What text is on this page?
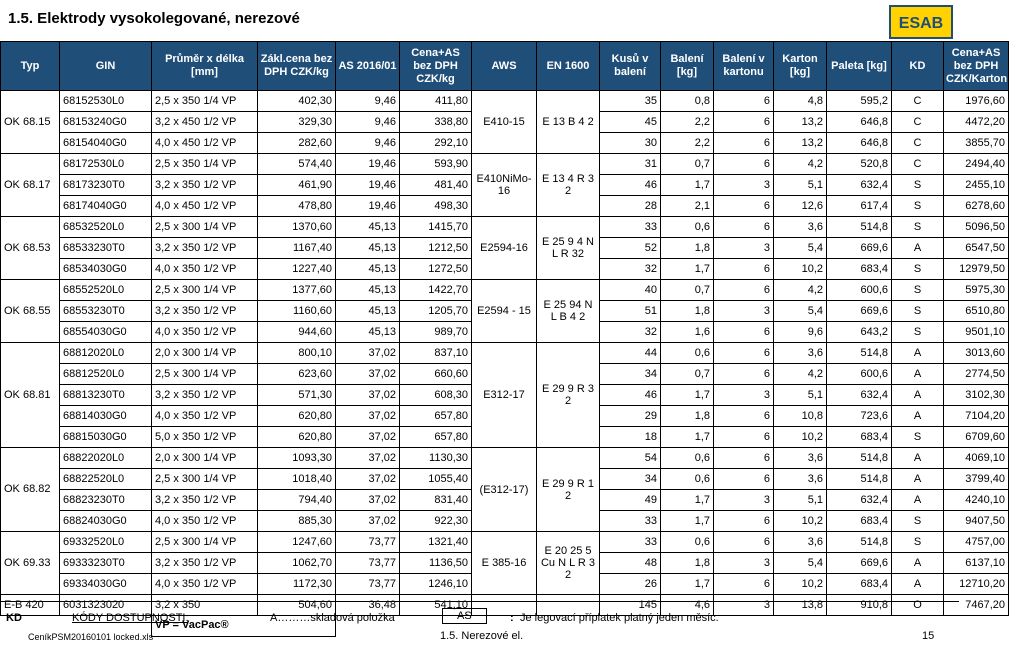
1.5. Elektrody vysokolegované, nerezové	ESAB
Typ	GIN	Průměr x délka [mm]	Zákl.cena bez DPH CZK/kg	AS 2016/01	Cena+AS bez DPH CZK/kg	AWS	EN 1600	Kusů v balení	Balení [kg]	Balení v kartonu	Karton [kg]	Paleta [kg]	KD	Cena+AS bez DPH CZK/Karton
OK 68.15	68152530L0	2,5 x 350 1/4 VP	402,30	9,46	411,80	E410-15	E 13 B 4 2	35	0,8	6	4,8	595,2	C	1976,60
	68153240G0	3,2 x 450 1/2 VP	329,30	9,46	338,80			45	2,2	6	13,2	646,8	C	4472,20
	68154040G0	4,0 x 450 1/2 VP	282,60	9,46	292,10			30	2,2	6	13,2	646,8	C	3855,70
OK 68.17	68172530L0	2,5 x 350 1/4 VP	574,40	19,46	593,90	E410NiMo-16	E 13 4 R 3 2	31	0,7	6	4,2	520,8	C	2494,40
	68173230T0	3,2 x 350 1/2 VP	461,90	19,46	481,40			46	1,7	3	5,1	632,4	S	2455,10
	68174040G0	4,0 x 450 1/2 VP	478,80	19,46	498,30			28	2,1	6	12,6	617,4	S	6278,60
OK 68.53	68532520L0	2,5 x 300 1/4 VP	1370,60	45,13	1415,70	E2594-16	E 25 9 4 N L R 32	33	0,6	6	3,6	514,8	S	5096,50
	68533230T0	3,2 x 350 1/2 VP	1167,40	45,13	1212,50			52	1,8	3	5,4	669,6	A	6547,50
	68534030G0	4,0 x 350 1/2 VP	1227,40	45,13	1272,50			32	1,7	6	10,2	683,4	S	12979,50
OK 68.55	68552520L0	2,5 x 300 1/4 VP	1377,60	45,13	1422,70	E2594 - 15	E 25 94 N L B 4 2	40	0,7	6	4,2	600,6	S	5975,30
	68553230T0	3,2 x 350 1/2 VP	1160,60	45,13	1205,70			51	1,8	3	5,4	669,6	S	6510,80
	68554030G0	4,0 x 350 1/2 VP	944,60	45,13	989,70			32	1,6	6	9,6	643,2	S	9501,10
OK 68.81	68812020L0	2,0 x 300 1/4 VP	800,10	37,02	837,10	E312-17	E 29 9 R 3 2	44	0,6	6	3,6	514,8	A	3013,60
	68812520L0	2,5 x 300 1/4 VP	623,60	37,02	660,60			34	0,7	6	4,2	600,6	A	2774,50
	68813230T0	3,2 x 350 1/2 VP	571,30	37,02	608,30			46	1,7	3	5,1	632,4	A	3102,30
	68814030G0	4,0 x 350 1/2 VP	620,80	37,02	657,80			29	1,8	6	10,8	723,6	A	7104,20
	68815030G0	5,0 x 350 1/2 VP	620,80	37,02	657,80			18	1,7	6	10,2	683,4	S	6709,60
OK 68.82	68822020L0	2,0 x 300 1/4 VP	1093,30	37,02	1130,30	(E312-17)	E 29 9 R 1 2	54	0,6	6	3,6	514,8	A	4069,10
	68822520L0	2,5 x 300 1/4 VP	1018,40	37,02	1055,40			34	0,6	6	3,6	514,8	A	3799,40
	68823230T0	3,2 x 350 1/2 VP	794,40	37,02	831,40			49	1,7	3	5,1	632,4	A	4240,10
	68824030G0	4,0 x 350 1/2 VP	885,30	37,02	922,30			33	1,7	6	10,2	683,4	S	9407,50
OK 69.33	69332520L0	2,5 x 300 1/4 VP	1247,60	73,77	1321,40	E 385-16	E 20 25 5 Cu N L R 3 2	33	0,6	6	3,6	514,8	S	4757,00
	69333230T0	3,2 x 350 1/2 VP	1062,70	73,77	1136,50			48	1,8	3	5,4	669,6	A	6137,10
	69334030G0	4,0 x 350 1/2 VP	1172,30	73,77	1246,10			26	1,7	6	10,2	683,4	A	12710,20
E-B 420	6031323020	3,2 x 350	504,60	36,48	541,10			145	4,6	3	13,8	910,8	O	7467,20
		VP = VacPac®												
KD	KÓDY DOSTUPNOSTI:	A………skladová položka	AS	: Je legovací příplatek platný jeden měsíc.
CeníkPSM20160101 locked.xls	1.5. Nerezové el.	15
